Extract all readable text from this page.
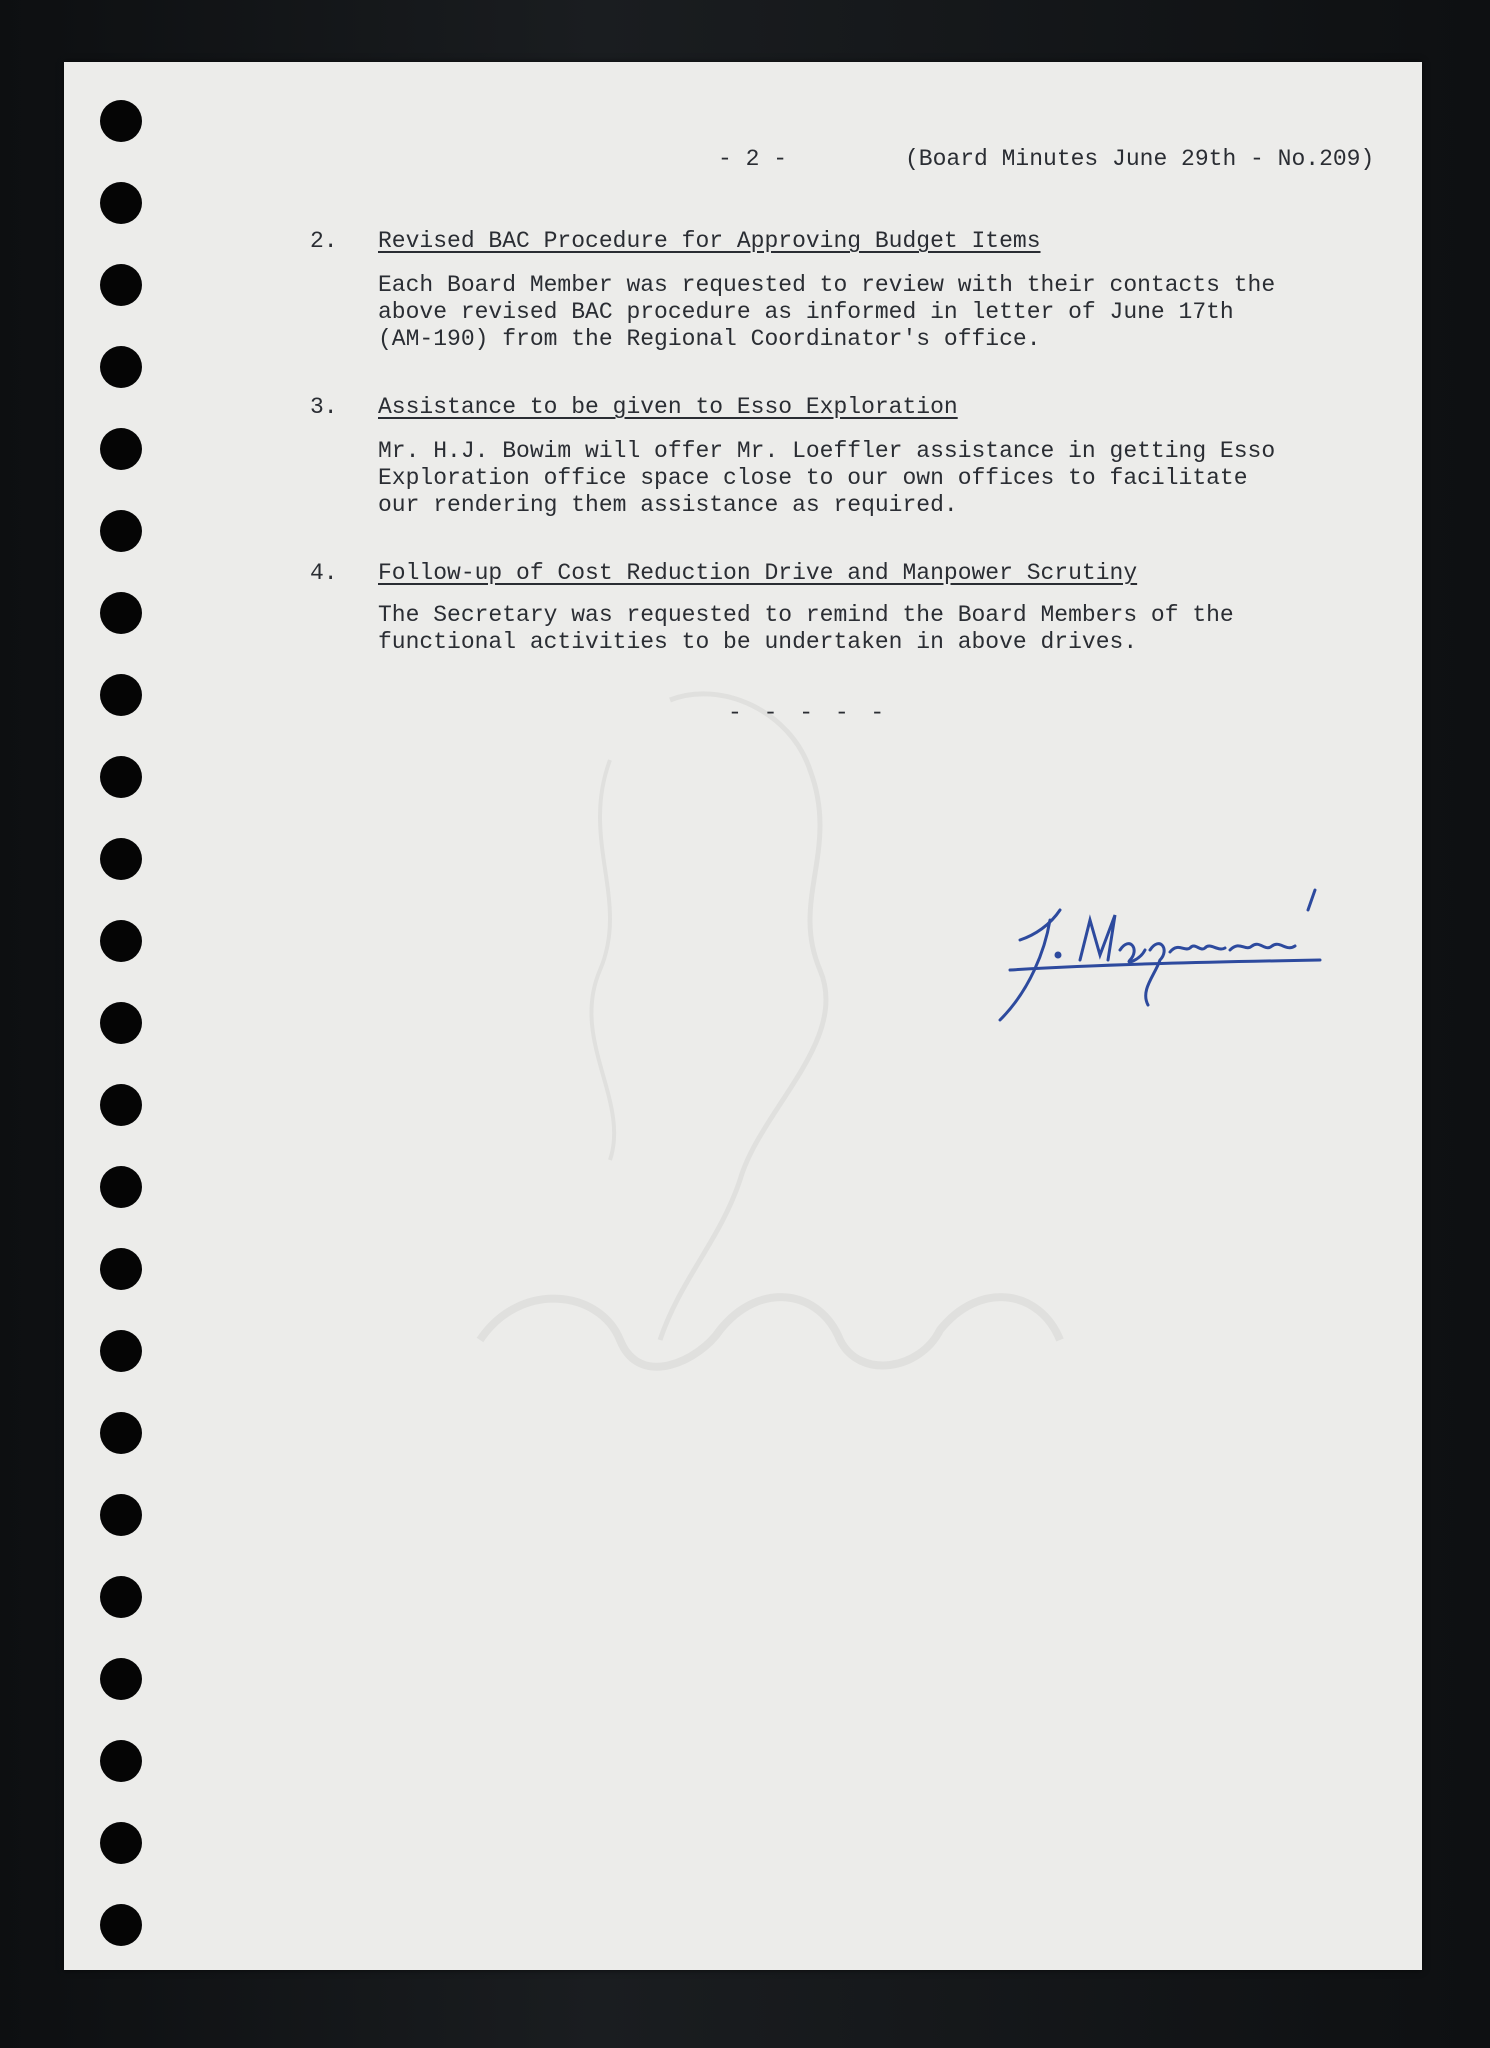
- 2 -	(Board Minutes June 29th - No.209)
2. Revised BAC Procedure for Approving Budget Items
Each Board Member was requested to review with their contacts the
above revised BAC procedure as informed in letter of June 17th
(AM-190) from the Regional Coordinator's office.
3. Assistance to be given to Esso Exploration
Mr. H.J. Bowim will offer Mr. Loeffler assistance in getting Esso
Exploration office space close to our own offices to facilitate
our rendering them assistance as required.
4. Follow-up of Cost Reduction Drive and Manpower Scrutiny
The Secretary was requested to remind the Board Members of the
functional activities to be undertaken in above drives.
- - - - -
